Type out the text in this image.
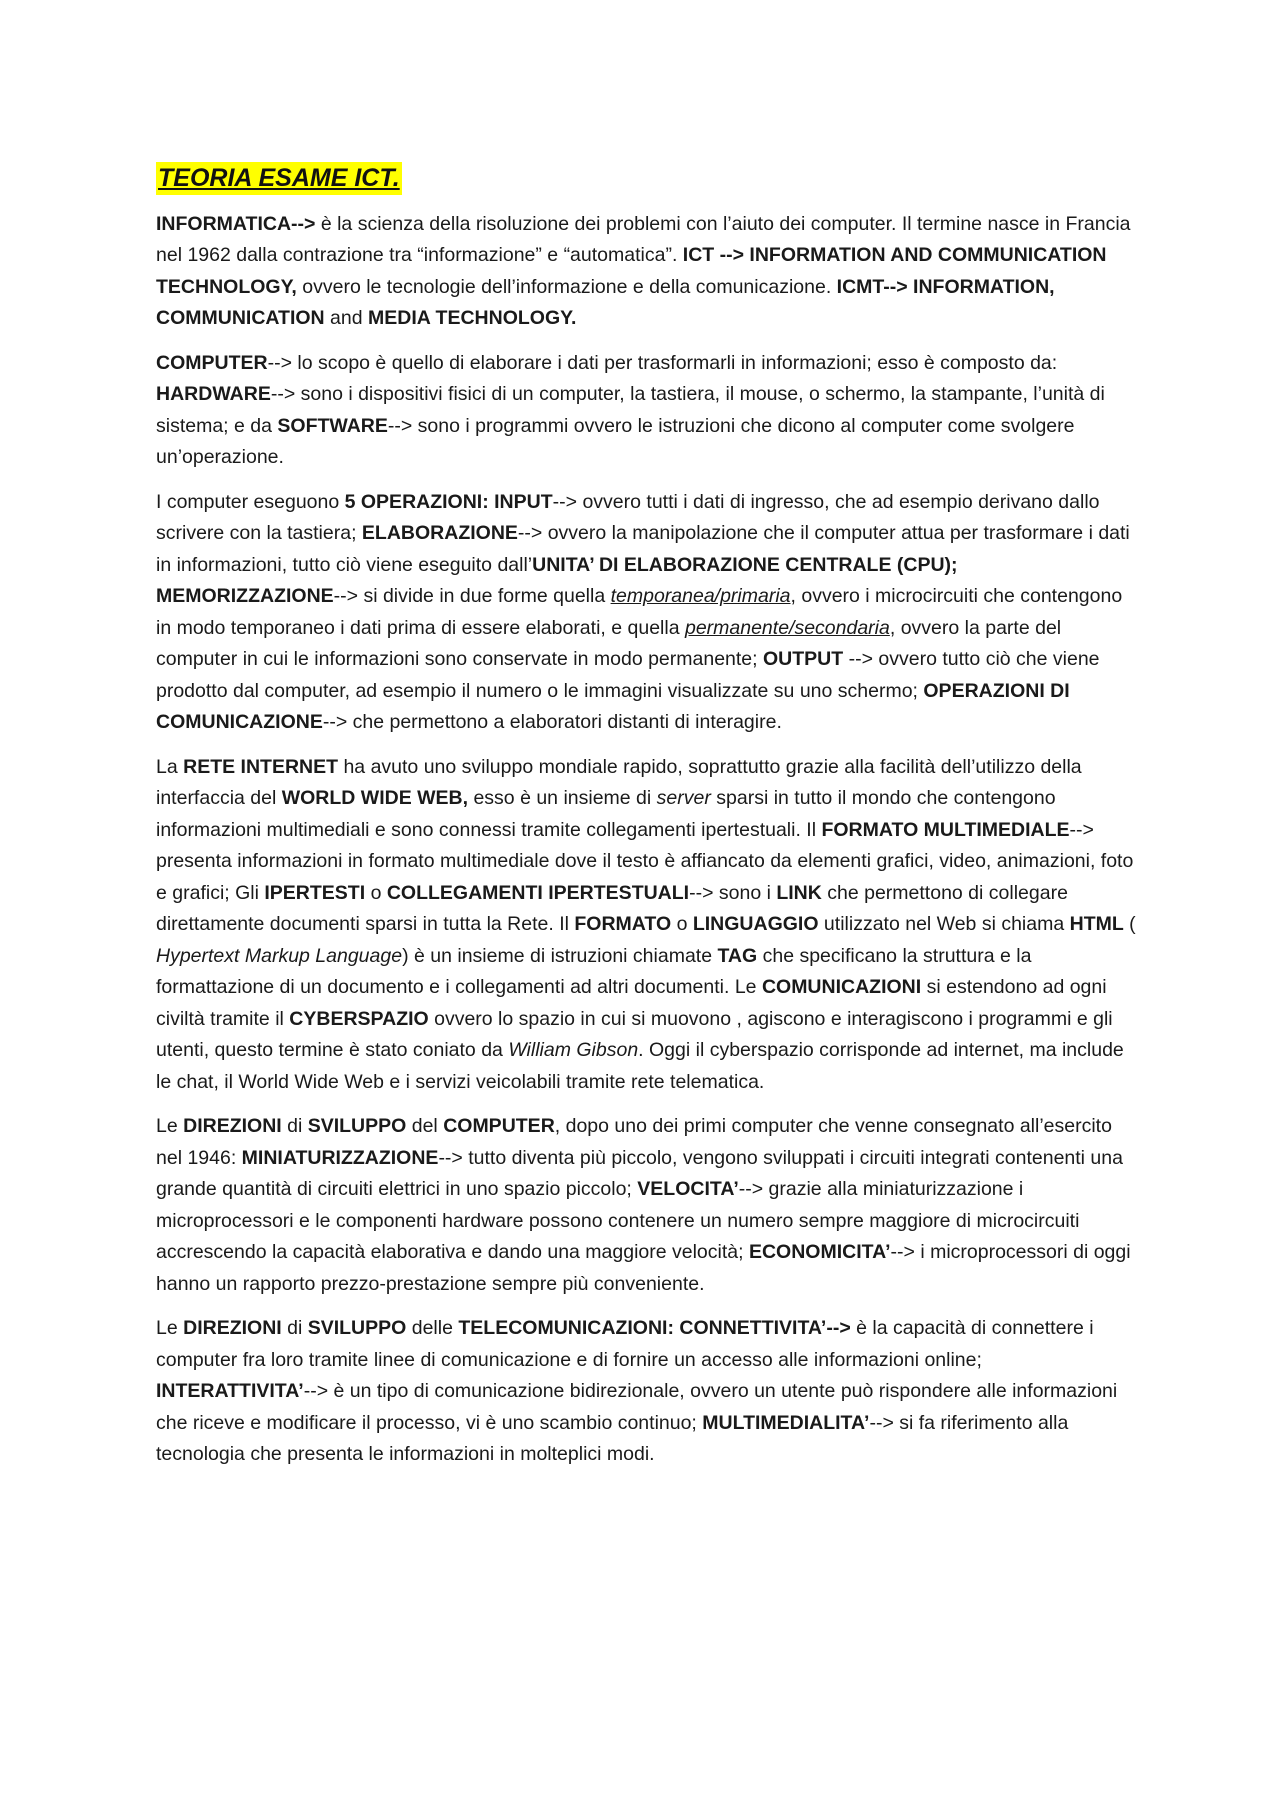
TEORIA ESAME ICT.

INFORMATICA--> è la scienza della risoluzione dei problemi con l’aiuto dei computer. Il termine nasce in Francia nel 1962 dalla contrazione tra “informazione” e “automatica”. ICT --> INFORMATION AND COMMUNICATION TECHNOLOGY, ovvero le tecnologie dell’informazione e della comunicazione. ICMT--> INFORMATION, COMMUNICATION and MEDIA TECHNOLOGY.

COMPUTER--> lo scopo è quello di elaborare i dati per trasformarli in informazioni; esso è composto da: HARDWARE--> sono i dispositivi fisici di un computer, la tastiera, il mouse, o schermo, la stampante, l’unità di sistema; e da SOFTWARE--> sono i programmi ovvero le istruzioni che dicono al computer come svolgere un’operazione.

I computer eseguono 5 OPERAZIONI: INPUT--> ovvero tutti i dati di ingresso, che ad esempio derivano dallo scrivere con la tastiera; ELABORAZIONE--> ovvero la manipolazione che il computer attua per trasformare i dati in informazioni, tutto ciò viene eseguito dall’UNITA’ DI ELABORAZIONE CENTRALE (CPU); MEMORIZZAZIONE--> si divide in due forme quella temporanea/primaria, ovvero i microcircuiti che contengono in modo temporaneo i dati prima di essere elaborati, e quella permanente/secondaria, ovvero la parte del computer in cui le informazioni sono conservate in modo permanente; OUTPUT --> ovvero tutto ciò che viene prodotto dal computer, ad esempio il numero o le immagini visualizzate su uno schermo; OPERAZIONI DI COMUNICAZIONE--> che permettono a elaboratori distanti di interagire.

La RETE INTERNET ha avuto uno sviluppo mondiale rapido, soprattutto grazie alla facilità dell’utilizzo della interfaccia del WORLD WIDE WEB, esso è un insieme di server sparsi in tutto il mondo che contengono informazioni multimediali e sono connessi tramite collegamenti ipertestuali. Il FORMATO MULTIMEDIALE--> presenta informazioni in formato multimediale dove il testo è affiancato da elementi grafici, video, animazioni, foto e grafici; Gli IPERTESTI o COLLEGAMENTI IPERTESTUALI--> sono i LINK che permettono di collegare direttamente documenti sparsi in tutta la Rete. Il FORMATO o LINGUAGGIO utilizzato nel Web si chiama HTML ( Hypertext Markup Language) è un insieme di istruzioni chiamate TAG che specificano la struttura e la formattazione di un documento e i collegamenti ad altri documenti. Le COMUNICAZIONI si estendono ad ogni civiltà tramite il CYBERSPAZIO ovvero lo spazio in cui si muovono , agiscono e interagiscono i programmi e gli utenti, questo termine è stato coniato da William Gibson. Oggi il cyberspazio corrisponde ad internet, ma include le chat, il World Wide Web e i servizi veicolabili tramite rete telematica.

Le DIREZIONI di SVILUPPO del COMPUTER, dopo uno dei primi computer che venne consegnato all’esercito nel 1946: MINIATURIZZAZIONE--> tutto diventa più piccolo, vengono sviluppati i circuiti integrati contenenti una grande quantità di circuiti elettrici in uno spazio piccolo; VELOCITA’--> grazie alla miniaturizzazione i microprocessori e le componenti hardware possono contenere un numero sempre maggiore di microcircuiti accrescendo la capacità elaborativa e dando una maggiore velocità; ECONOMICITA’--> i microprocessori di oggi hanno un rapporto prezzo-prestazione sempre più conveniente.

Le DIREZIONI di SVILUPPO delle TELECOMUNICAZIONI: CONNETTIVITA’--> è la capacità di connettere i computer fra loro tramite linee di comunicazione e di fornire un accesso alle informazioni online; INTERATTIVITA’--> è un tipo di comunicazione bidirezionale, ovvero un utente può rispondere alle informazioni che riceve e modificare il processo, vi è uno scambio continuo; MULTIMEDIALITA’--> si fa riferimento alla tecnologia che presenta le informazioni in molteplici modi.
